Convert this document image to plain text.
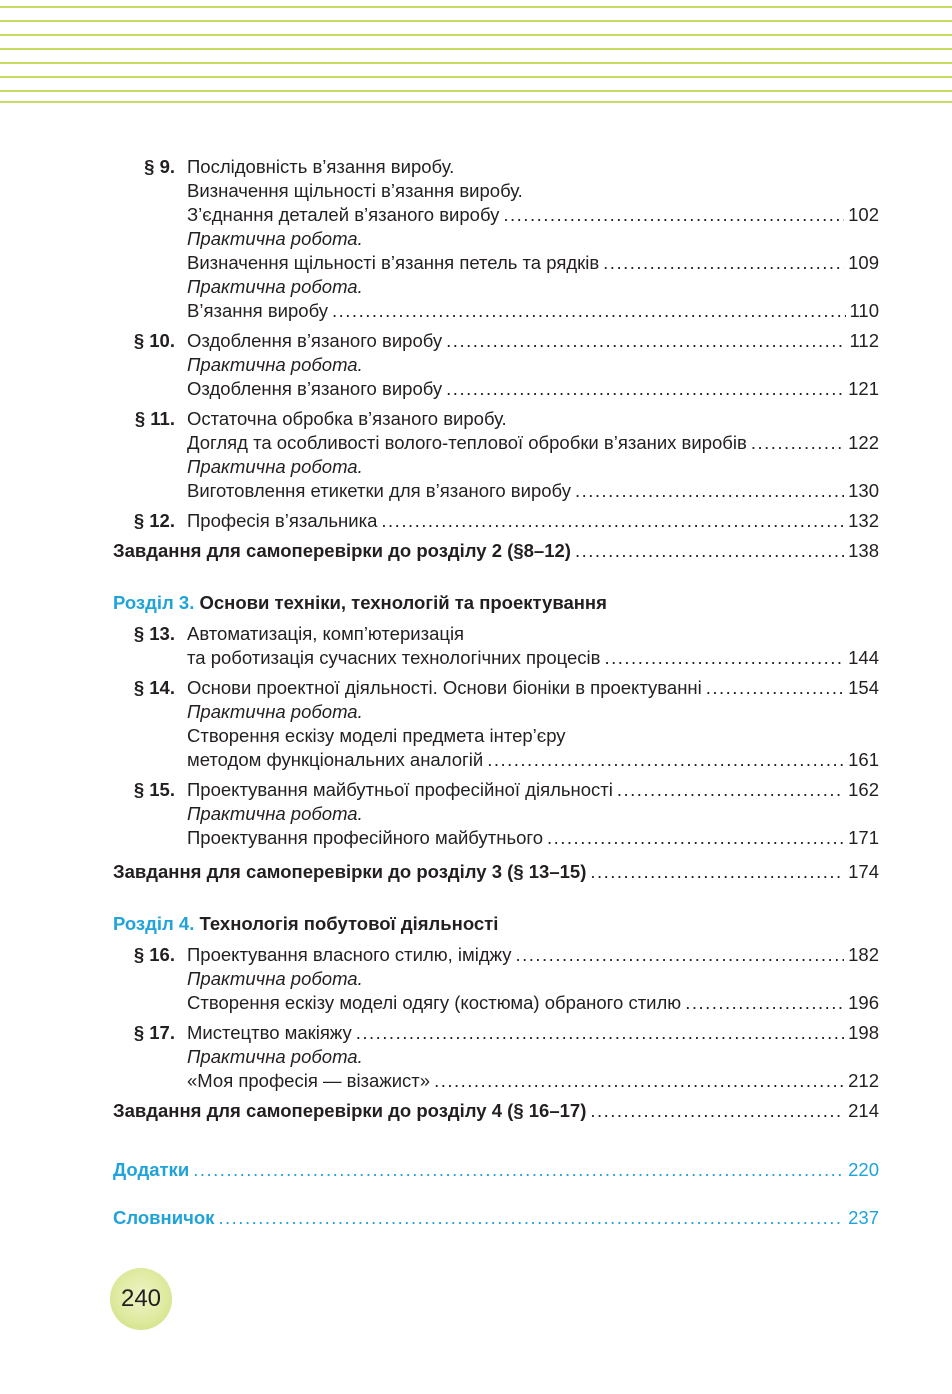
§ 9. Послідовність в’язання виробу.
Визначення щільності в’язання виробу.
З’єднання деталей в’язаного виробу .....	102
Практична робота.
Визначення щільності в’язання петель та рядків .....	109
Практична робота.
В’язання виробу .....	110
§ 10. Оздоблення в’язаного виробу .....	112
Практична робота.
Оздоблення в’язаного виробу .....	121
§ 11. Остаточна обробка в’язаного виробу.
Догляд та особливості волого-теплової обробки в’язаних виробів .....	122
Практична робота.
Виготовлення етикетки для в’язаного виробу .....	130
§ 12. Професія в’язальника .....	132
Завдання для самоперевірки до розділу 2 (§8–12) .....	138
Розділ 3. Основи техніки, технологій та проектування
§ 13. Автоматизація, комп’ютеризація
та роботизація сучасних технологічних процесів .....	144
§ 14. Основи проектної діяльності. Основи біоніки в проектуванні .....	154
Практична робота.
Створення ескізу моделі предмета інтер’єру
методом функціональних аналогій .....	161
§ 15. Проектування майбутньої професійної діяльності .....	162
Практична робота.
Проектування професійного майбутнього .....	171
Завдання для самоперевірки до розділу 3 (§ 13–15) .....	174
Розділ 4. Технологія побутової діяльності
§ 16. Проектування власного стилю, іміджу .....	182
Практична робота.
Створення ескізу моделі одягу (костюма) обраного стилю .....	196
§ 17. Мистецтво макіяжу .....	198
Практична робота.
«Моя професія — візажист» .....	212
Завдання для самоперевірки до розділу 4 (§ 16–17) .....	214
Додатки .....	220
Словничок .....	237
240
